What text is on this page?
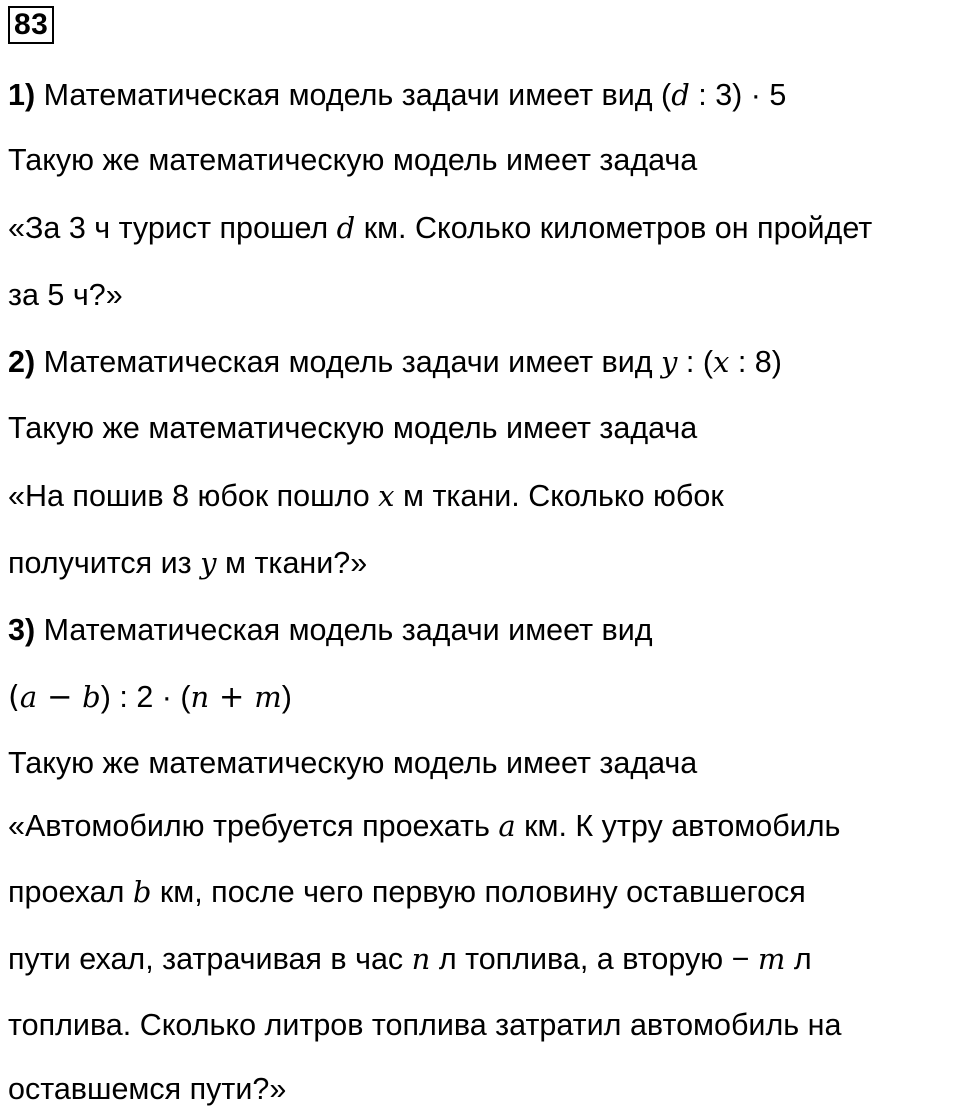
83
1) Математическая модель задачи имеет вид (d : 3) · 5
Такую же математическую модель имеет задача
«За 3 ч турист прошел d км. Сколько километров он пройдет
за 5 ч?»
2) Математическая модель задачи имеет вид y : (x : 8)
Такую же математическую модель имеет задача
«На пошив 8 юбок пошло x м ткани. Сколько юбок
получится из y м ткани?»
3) Математическая модель задачи имеет вид
(a − b) : 2 · (n + m)
Такую же математическую модель имеет задача
«Автомобилю требуется проехать a км. К утру автомобиль
проехал b км, после чего первую половину оставшегося
пути ехал, затрачивая в час n л топлива, а вторую − m л
топлива. Сколько литров топлива затратил автомобиль на
оставшемся пути?»
